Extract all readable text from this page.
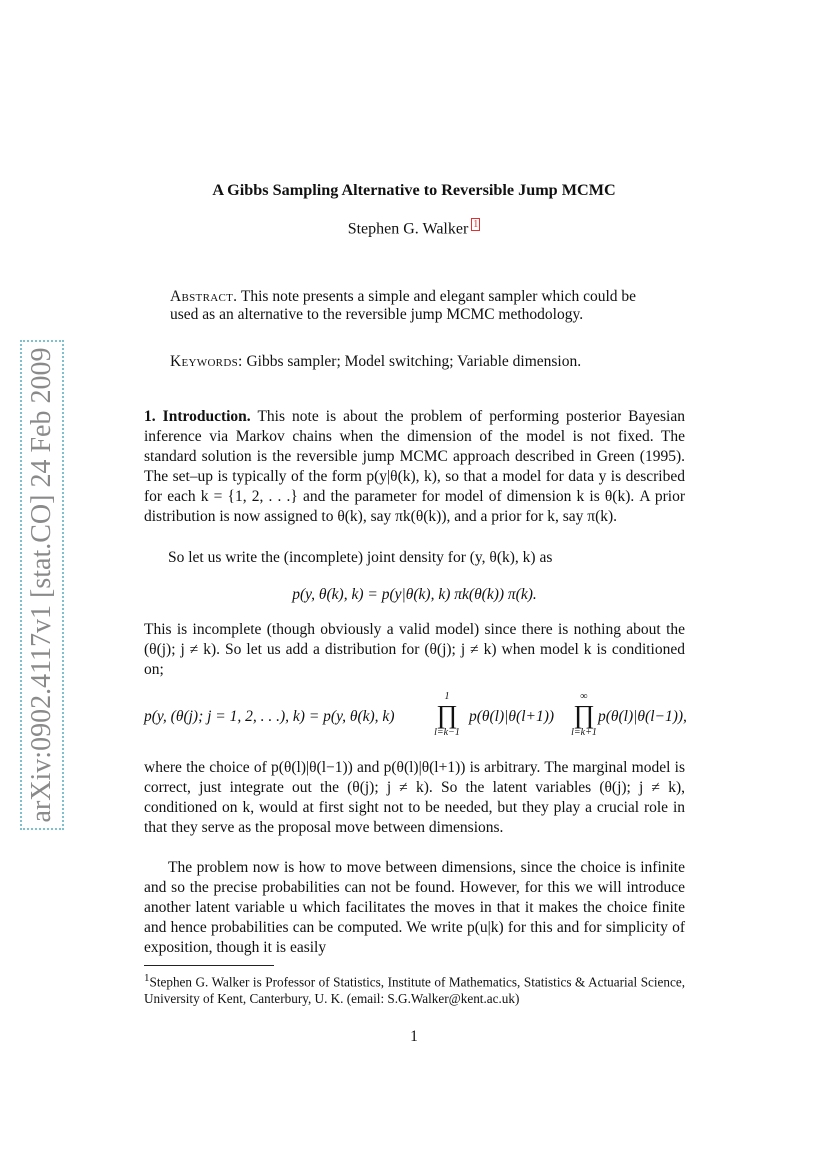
arXiv:0902.4117v1 [stat.CO] 24 Feb 2009
A Gibbs Sampling Alternative to Reversible Jump MCMC
Stephen G. Walker 1
Abstract. This note presents a simple and elegant sampler which could be used as an alternative to the reversible jump MCMC methodology.
Keywords: Gibbs sampler; Model switching; Variable dimension.
1. Introduction. This note is about the problem of performing posterior Bayesian inference via Markov chains when the dimension of the model is not fixed. The standard solution is the reversible jump MCMC approach described in Green (1995). The set–up is typically of the form p(y|θ(k), k), so that a model for data y is described for each k = {1, 2, . . .} and the parameter for model of dimension k is θ(k). A prior distribution is now assigned to θ(k), say πk(θ(k)), and a prior for k, say π(k).
So let us write the (incomplete) joint density for (y, θ(k), k) as
p(y, θ(k), k) = p(y|θ(k), k) πk(θ(k)) π(k).
This is incomplete (though obviously a valid model) since there is nothing about the (θ(j); j ≠ k). So let us add a distribution for (θ(j); j ≠ k) when model k is conditioned on;
p(y, (θ(j); j = 1, 2, . . .), k) = p(y, θ(k), k)
1
∏
l=k−1
p(θ(l)|θ(l+1))
∞
∏
l=k+1
p(θ(l)|θ(l−1)),
where the choice of p(θ(l)|θ(l−1)) and p(θ(l)|θ(l+1)) is arbitrary. The marginal model is correct, just integrate out the (θ(j); j ≠ k). So the latent variables (θ(j); j ≠ k), conditioned on k, would at first sight not to be needed, but they play a crucial role in that they serve as the proposal move between dimensions.
The problem now is how to move between dimensions, since the choice is infinite and so the precise probabilities can not be found. However, for this we will introduce another latent variable u which facilitates the moves in that it makes the choice finite and hence probabilities can be computed. We write p(u|k) for this and for simplicity of exposition, though it is easily
$^1$Stephen G. Walker is Professor of Statistics, Institute of Mathematics, Statistics & Actuarial Science, University of Kent, Canterbury, U. K. (email: S.G.Walker@kent.ac.uk)
1
